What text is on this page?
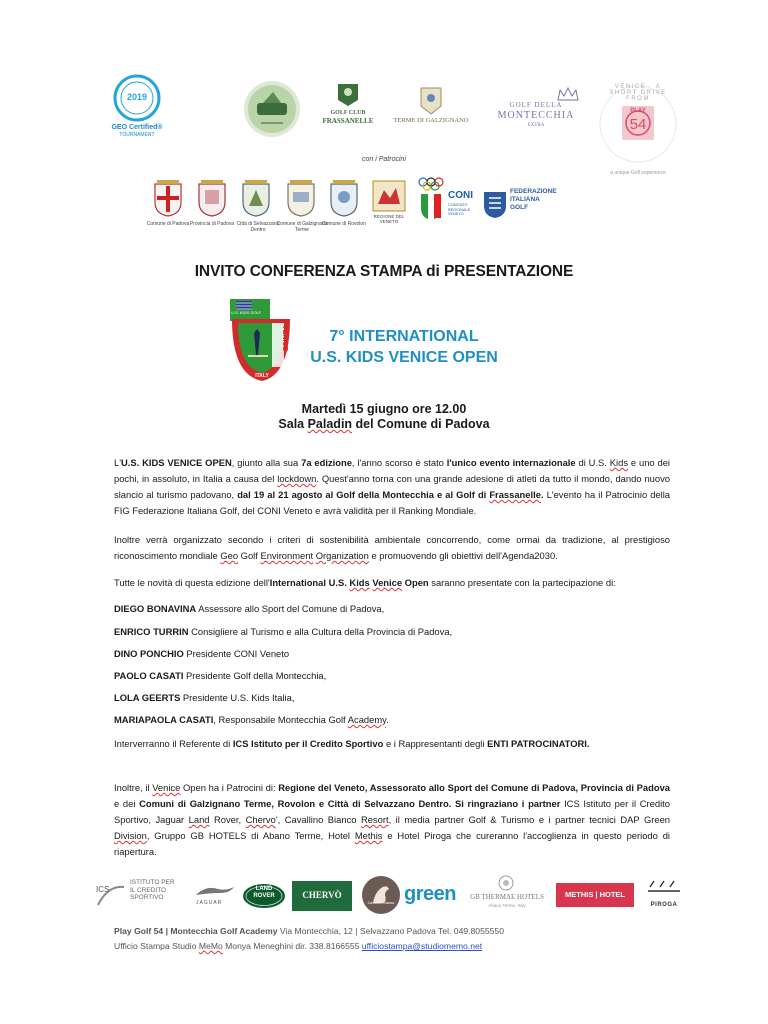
2019
GEO Certified®
TOURNAMENT
GOLF CLUB
FRASSANELLE	TERME DI GALZIGNANO
GOLF DELLA
MONTECCHIA
EXTRA
VENICE · A SHORT DRIVE FROM
PLAY
54
a unique Golf experience
con i Patrocini
Comune di Padova Provincia di Padova Città di Selvazzano Dentro
Comune di Galzignano Terme
Comune di Rovolon
REGIONE DEL VENETO
CONI
COMITATO REGIONALE VENETO
FEDERAZIONE
ITALIANA
GOLF
INVITO CONFERENZA STAMPA di PRESENTAZIONE
U.S. KIDS GOLF
VENICE
ITALY
7° INTERNATIONAL
U.S. KIDS VENICE OPEN
Martedì 15 giugno ore 12.00
Sala Paladin del Comune di Padova

L'U.S. KIDS VENICE OPEN, giunto alla sua 7a edizione, l'anno scorso è stato l'unico evento internazionale di U.S. Kids e uno dei pochi, in assoluto, in Italia a causa del lockdown. Quest'anno torna con una grande adesione di atleti da tutto il mondo, dando nuovo slancio al turismo padovano, dal 19 al 21 agosto al Golf della Montecchia e al Golf di Frassanelle. L'evento ha il Patrocinio della FIG Federazione Italiana Golf, del CONI Veneto e avrà validità per il Ranking Mondiale.

Inoltre verrà organizzato secondo i criteri di sostenibilità ambientale concorrendo, come ormai da tradizione, al prestigioso riconoscimento mondiale Geo Golf Environment Organization e promuovendo gli obiettivi dell'Agenda2030.

Tutte le novità di questa edizione dell'International U.S. Kids Venice Open saranno presentate con la partecipazione di:

DIEGO BONAVINA Assessore allo Sport del Comune di Padova,
ENRICO TURRIN Consigliere al Turismo e alla Cultura della Provincia di Padova,
DINO PONCHIO Presidente CONI Veneto
PAOLO CASATI Presidente Golf della Montecchia,
LOLA GEERTS Presidente U.S. Kids Italia,
MARIAPAOLA CASATI, Responsabile Montecchia Golf Academy.

Interverranno il Referente di ICS Istituto per il Credito Sportivo e i Rappresentanti degli ENTI PATROCINATORI.

Inoltre, il Venice Open ha i Patrocini di: Regione del Veneto, Assessorato allo Sport del Comune di Padova, Provincia di Padova e dei Comuni di Galzignano Terme, Rovolon e Città di Selvazzano Dentro. Si ringraziano i partner ICS Istituto per il Credito Sportivo, Jaguar Land Rover, Chervo', Cavallino Bianco Resort, il media partner Golf & Turismo e i partner tecnici DAP Green Division, Gruppo GB HOTELS di Abano Terme, Hotel Methis e Hotel Piroga che cureranno l'accoglienza in questo periodo di riapertura.

ICS
ISTITUTO PER
IL CREDITO
SPORTIVO
JAGUAR
LAND
ROVER	CHERVÒ
Cavallino Bianco green	GB THERMAE HOTELS
Abano Terme, Italy
METHIS | HOTEL
PIROGA
Play Golf 54 | Montecchia Golf Academy Via Montecchia, 12 | Selvazzano Padova Tel. 049.8055550
Ufficio Stampa Studio MeMo Monya Meneghini dir. 338.8166555 ufficiostampa@studiomemo.net
